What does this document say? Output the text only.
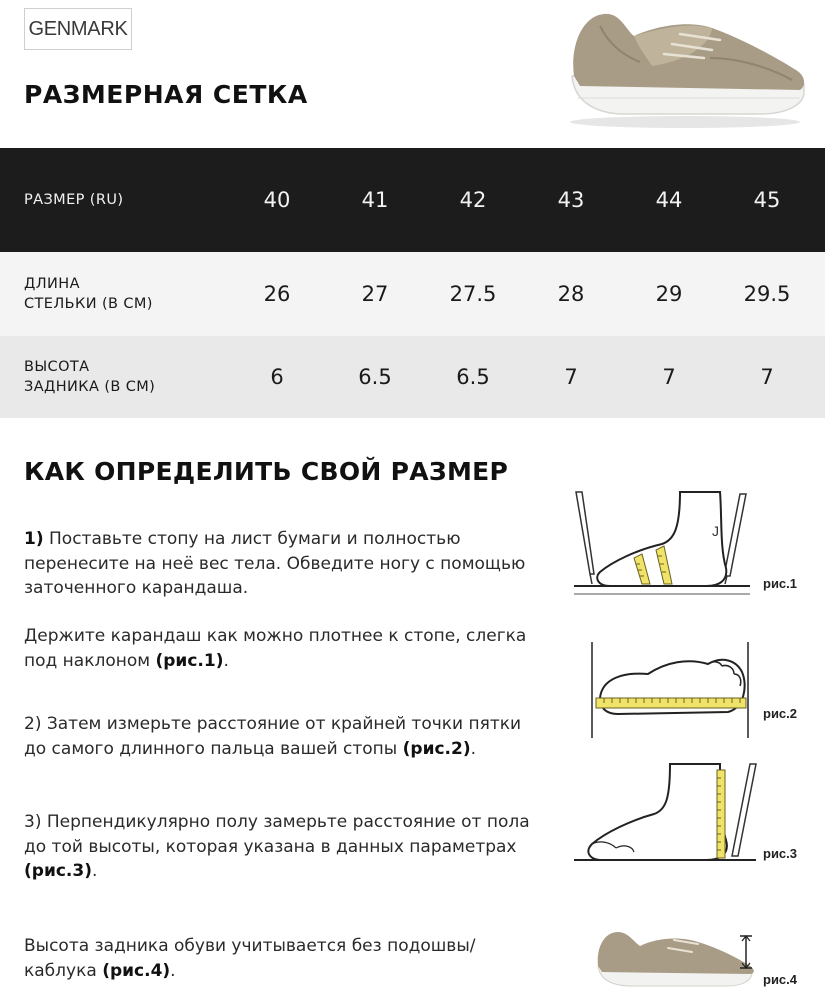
GENMARK
РАЗМЕРНАЯ СЕТКА
РАЗМЕР (RU)	40	41	42	43	44	45
ДЛИНА
СТЕЛЬКИ (В СМ)	26	27	27.5	28	29	29.5
ВЫСОТА
ЗАДНИКА (В СМ)	6	6.5	6.5	7	7	7
КАК ОПРЕДЕЛИТЬ СВОЙ РАЗМЕР

1) Поставьте стопу на лист бумаги и полностью перенесите на неё вес тела. Обведите ногу с помощью заточенного карандаша.

Держите карандаш как можно плотнее к стопе, слегка под наклоном (рис.1).

2) Затем измерьте расстояние от крайней точки пятки до самого длинного пальца вашей стопы (рис.2).

3) Перпендикулярно полу замерьте расстояние от пола до той высоты, которая указана в данных параметрах (рис.3).

Высота задника обуви учитывается без подошвы/ каблука (рис.4).

J
рис.1
рис.2
рис.3
рис.4
